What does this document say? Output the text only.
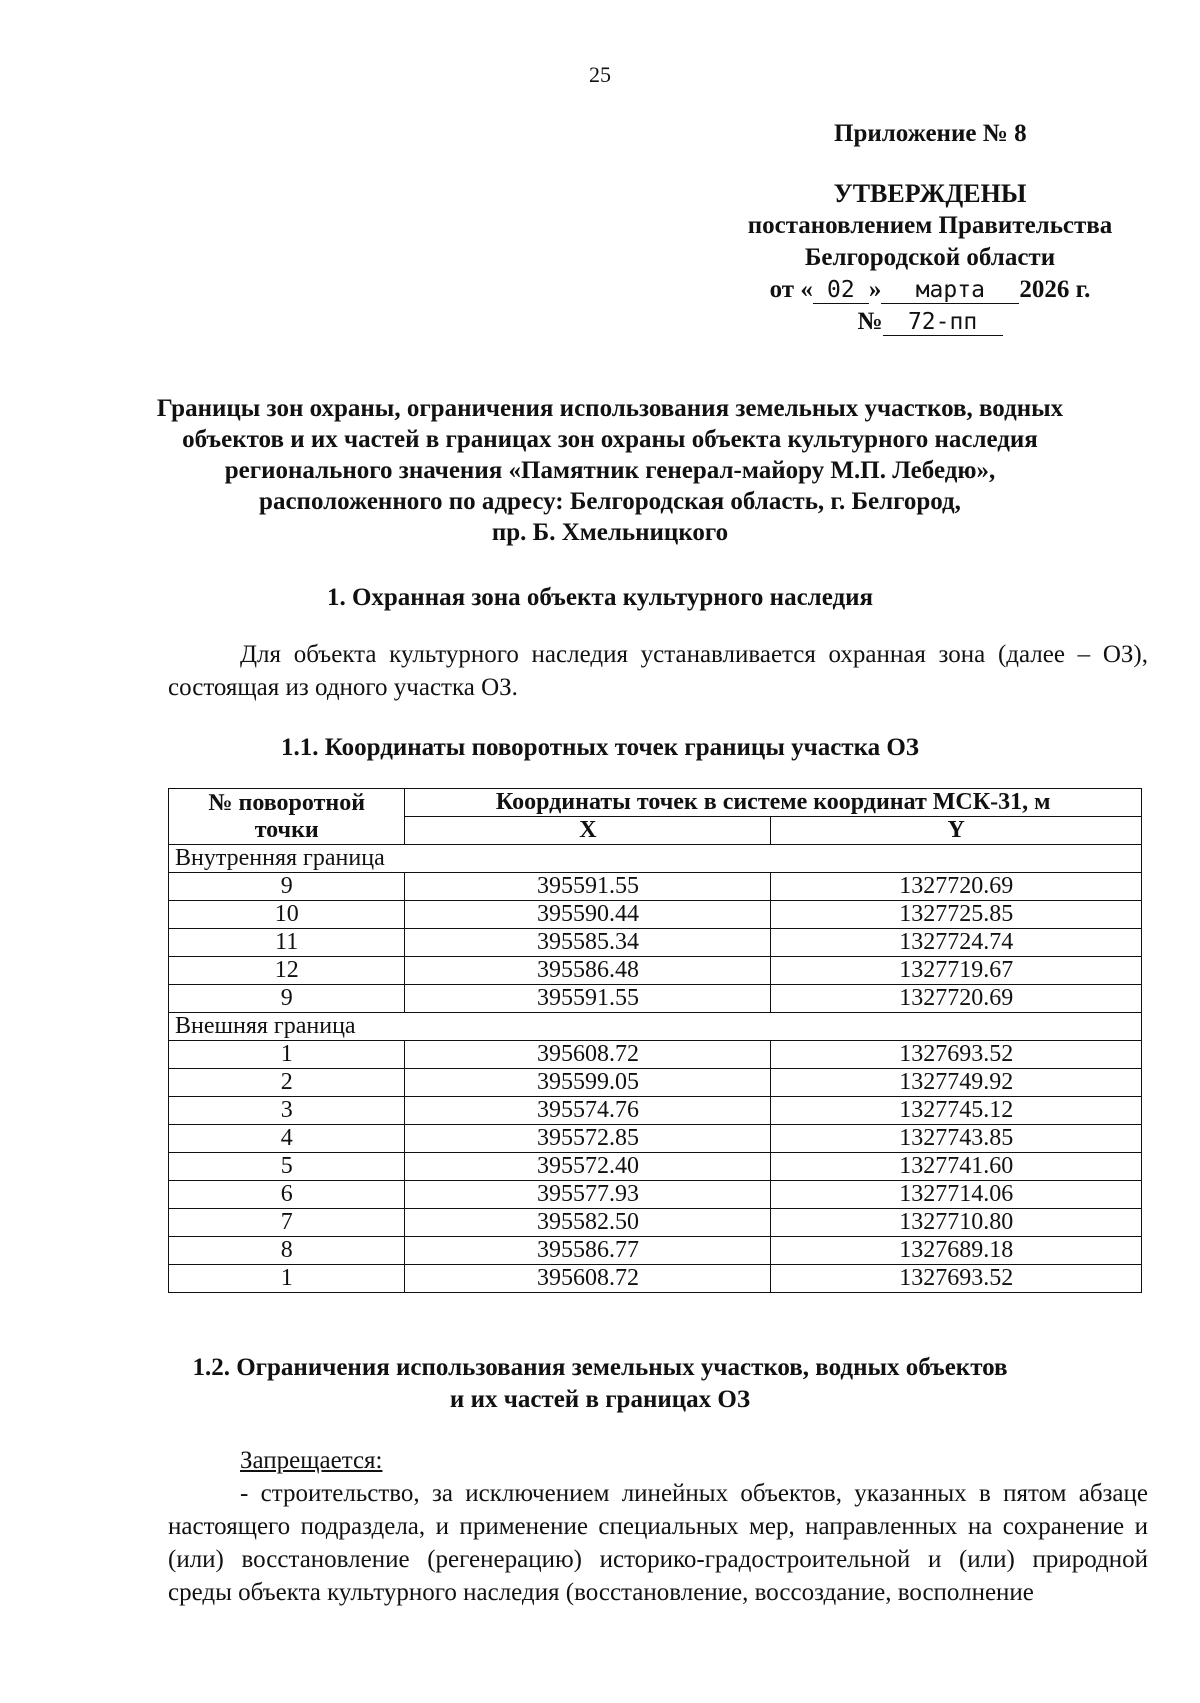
25
Приложение № 8
УТВЕРЖДЕНЫ
постановлением Правительства
Белгородской области
от « 02 » марта 2026 г.
№ 72-пп
Границы зон охраны, ограничения использования земельных участков, водных
объектов и их частей в границах зон охраны объекта культурного наследия
регионального значения «Памятник генерал-майору М.П. Лебедю»,
расположенного по адресу: Белгородская область, г. Белгород,
пр. Б. Хмельницкого
1. Охранная зона объекта культурного наследия
Для объекта культурного наследия устанавливается охранная зона (далее – ОЗ), состоящая из одного участка ОЗ.
1.1. Координаты поворотных точек границы участка ОЗ
№ поворотной точки	Координаты точек в системе координат МСК-31, м	
	X	Y
Внутренняя граница		
9	395591.55	1327720.69
10	395590.44	1327725.85
11	395585.34	1327724.74
12	395586.48	1327719.67
9	395591.55	1327720.69
Внешняя граница		
1	395608.72	1327693.52
2	395599.05	1327749.92
3	395574.76	1327745.12
4	395572.85	1327743.85
5	395572.40	1327741.60
6	395577.93	1327714.06
7	395582.50	1327710.80
8	395586.77	1327689.18
1	395608.72	1327693.52
1.2. Ограничения использования земельных участков, водных объектов
и их частей в границах ОЗ
Запрещается:
- строительство, за исключением линейных объектов, указанных в пятом абзаце настоящего подраздела, и применение специальных мер, направленных на сохранение и (или) восстановление (регенерацию) историко-градостроительной и (или) природной среды объекта культурного наследия (восстановление, воссоздание, восполнение
